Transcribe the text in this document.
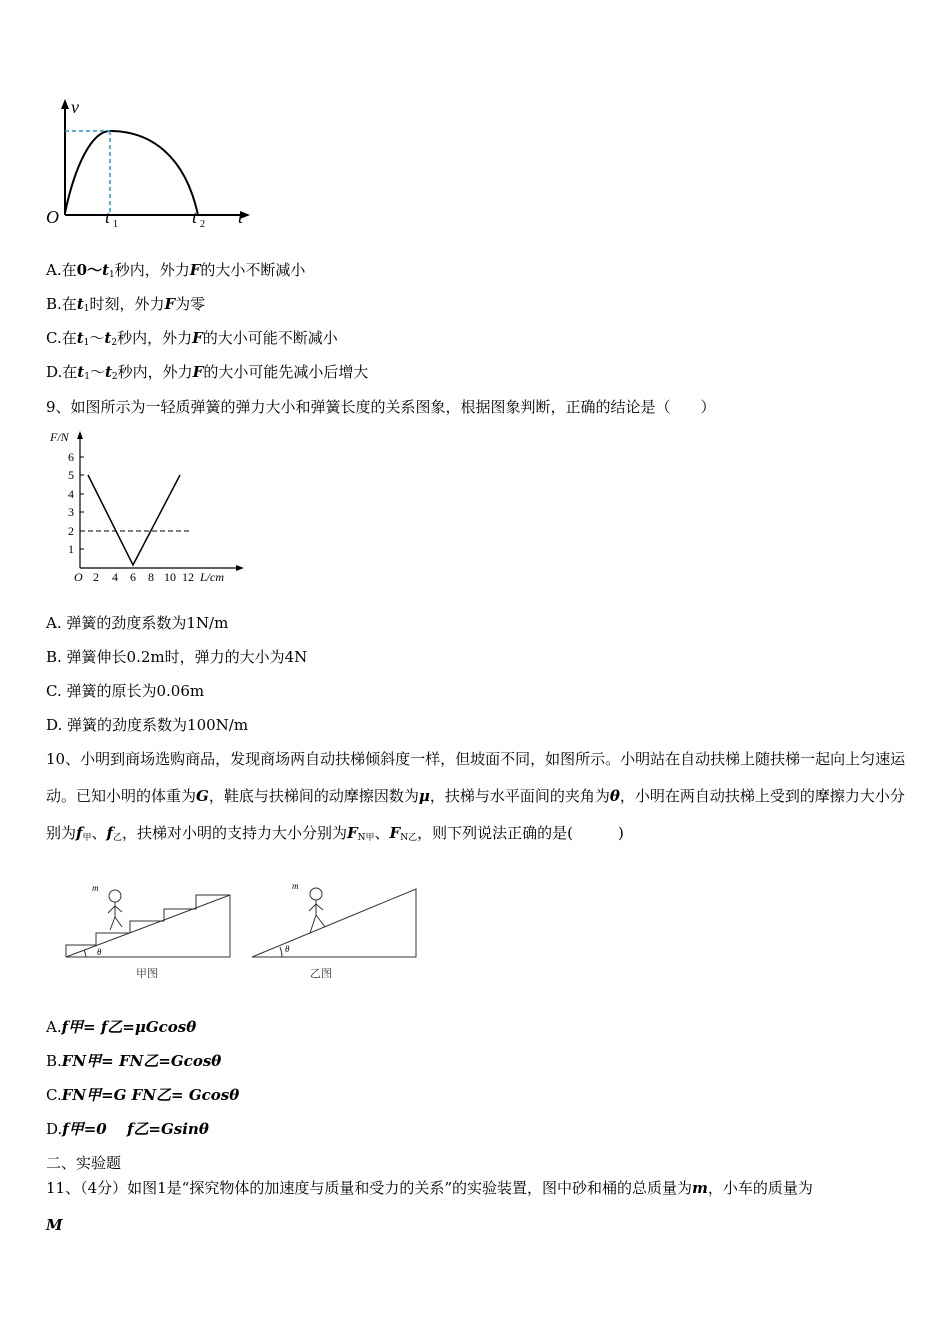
v
O	t 1	t 2 t
A.在$0\sim t_1$秒内，外力F的大小不断减小
B.在$t_1$时刻，外力F为零
C.在$t_1\sim t_2$秒内，外力F的大小可能不断减小
D.在$t_1\sim t_2$秒内，外力F的大小可能先减小后增大
9、如图所示为一轻质弹簧的弹力大小和弹簧长度的关系图象，根据图象判断，正确的结论是（　　）
1
2
3
4
5
6
O 2 4 6 8 10 12 L/cm
F/N
A. 弹簧的劲度系数为1N/m
B. 弹簧伸长0.2m时，弹力的大小为4N
C. 弹簧的原长为0.06m
D. 弹簧的劲度系数为100N/m
10、小明到商场选购商品，发现商场两自动扶梯倾斜度一样，但坡面不同，如图所示。小明站在自动扶梯上随扶梯一起向上匀速运动。已知小明的体重为G，鞋底与扶梯间的动摩擦因数为μ，扶梯与水平面间的夹角为θ，小明在两自动扶梯上受到的摩擦力大小分别为$f_甲$、$f_乙$，扶梯对小明的支持力大小分别为$F_{N甲}$、$F_{N乙}$，则下列说法正确的是(　　　)
m
θ
甲图
m
θ
乙图
A.f甲= f乙=μGcosθ
B.FN甲= FN乙=Gcosθ
C.FN甲=G FN乙= Gcosθ
D.f甲=0　 f乙=Gsinθ
二、实验题
11、（4分）如图1是“探究物体的加速度与质量和受力的关系”的实验装置，图中砂和桶的总质量为m，小车的质量为
M
